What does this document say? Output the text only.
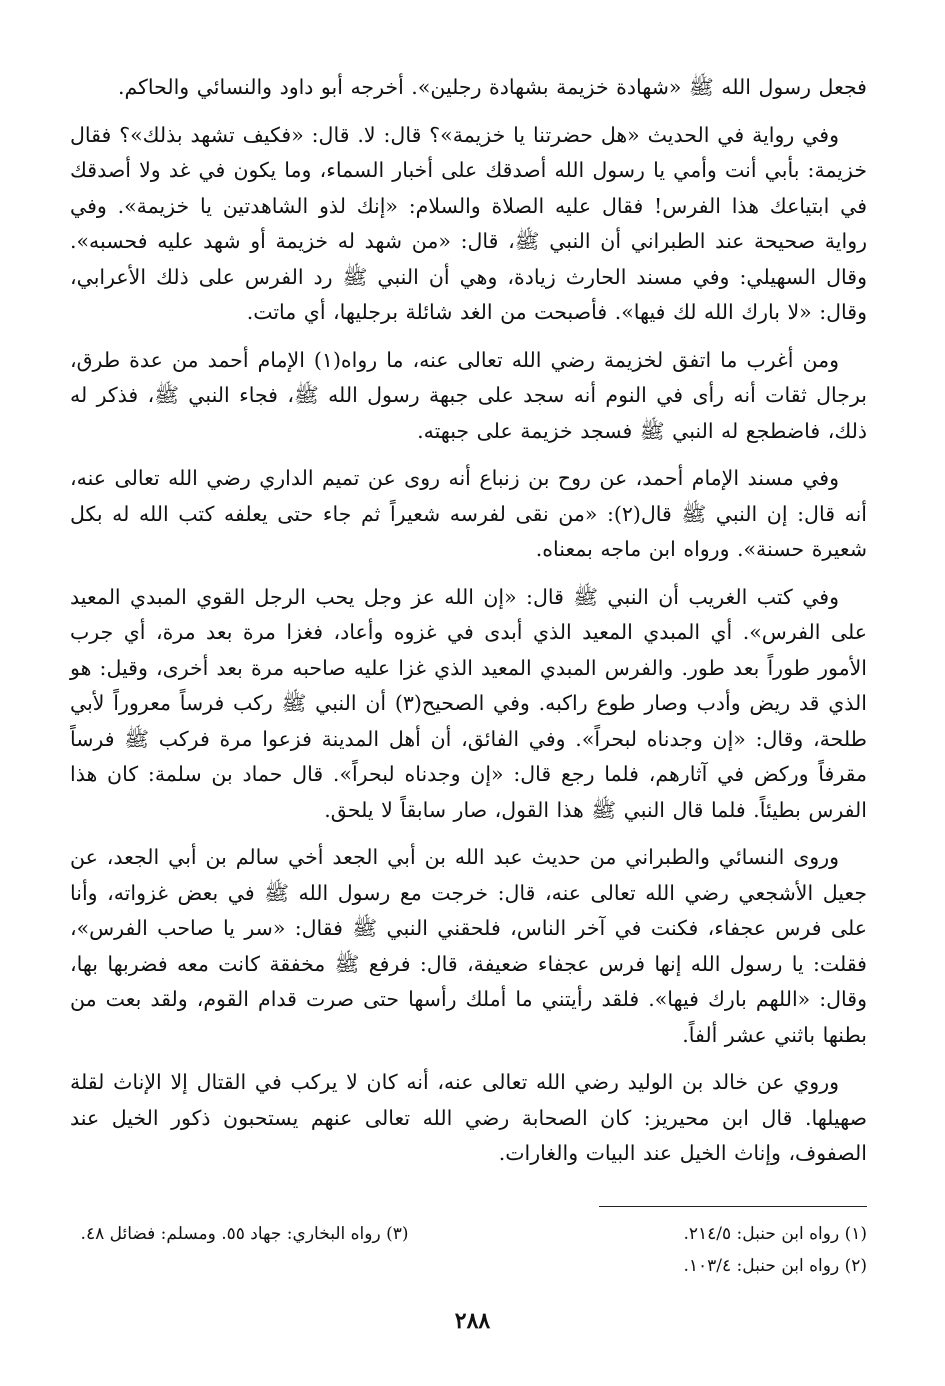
فجعل رسول الله ﷺ «شهادة خزيمة بشهادة رجلين». أخرجه أبو داود والنسائي والحاكم.

وفي رواية في الحديث «هل حضرتنا يا خزيمة»؟ قال: لا. قال: «فكيف تشهد بذلك»؟ فقال خزيمة: بأبي أنت وأمي يا رسول الله أصدقك على أخبار السماء، وما يكون في غد ولا أصدقك في ابتياعك هذا الفرس! فقال عليه الصلاة والسلام: «إنك لذو الشاهدتين يا خزيمة». وفي رواية صحيحة عند الطبراني أن النبي ﷺ، قال: «من شهد له خزيمة أو شهد عليه فحسبه». وقال السهيلي: وفي مسند الحارث زيادة، وهي أن النبي ﷺ رد الفرس على ذلك الأعرابي، وقال: «لا بارك الله لك فيها». فأصبحت من الغد شائلة برجليها، أي ماتت.

ومن أغرب ما اتفق لخزيمة رضي الله تعالى عنه، ما رواه(١) الإمام أحمد من عدة طرق، برجال ثقات أنه رأى في النوم أنه سجد على جبهة رسول الله ﷺ، فجاء النبي ﷺ، فذكر له ذلك، فاضطجع له النبي ﷺ فسجد خزيمة على جبهته.

وفي مسند الإمام أحمد، عن روح بن زنباع أنه روى عن تميم الداري رضي الله تعالى عنه، أنه قال: إن النبي ﷺ قال(٢): «من نقى لفرسه شعيراً ثم جاء حتى يعلفه كتب الله له بكل شعيرة حسنة». ورواه ابن ماجه بمعناه.

وفي كتب الغريب أن النبي ﷺ قال: «إن الله عز وجل يحب الرجل القوي المبدي المعيد على الفرس». أي المبدي المعيد الذي أبدى في غزوه وأعاد، فغزا مرة بعد مرة، أي جرب الأمور طوراً بعد طور. والفرس المبدي المعيد الذي غزا عليه صاحبه مرة بعد أخرى، وقيل: هو الذي قد ريض وأدب وصار طوع راكبه. وفي الصحيح(٣) أن النبي ﷺ ركب فرساً معروراً لأبي طلحة، وقال: «إن وجدناه لبحراً». وفي الفائق، أن أهل المدينة فزعوا مرة فركب ﷺ فرساً مقرفاً وركض في آثارهم، فلما رجع قال: «إن وجدناه لبحراً». قال حماد بن سلمة: كان هذا الفرس بطيئاً. فلما قال النبي ﷺ هذا القول، صار سابقاً لا يلحق.

وروى النسائي والطبراني من حديث عبد الله بن أبي الجعد أخي سالم بن أبي الجعد، عن جعيل الأشجعي رضي الله تعالى عنه، قال: خرجت مع رسول الله ﷺ في بعض غزواته، وأنا على فرس عجفاء، فكنت في آخر الناس، فلحقني النبي ﷺ فقال: «سر يا صاحب الفرس»، فقلت: يا رسول الله إنها فرس عجفاء ضعيفة، قال: فرفع ﷺ مخفقة كانت معه فضربها بها، وقال: «اللهم بارك فيها». فلقد رأيتني ما أملك رأسها حتى صرت قدام القوم، ولقد بعت من بطنها باثني عشر ألفاً.

وروي عن خالد بن الوليد رضي الله تعالى عنه، أنه كان لا يركب في القتال إلا الإناث لقلة صهيلها. قال ابن محيريز: كان الصحابة رضي الله تعالى عنهم يستحبون ذكور الخيل عند الصفوف، وإناث الخيل عند البيات والغارات.

(١) رواه ابن حنبل: ٢١٤/٥.
(٣) رواه البخاري: جهاد ٥٥. ومسلم: فضائل ٤٨.
(٢) رواه ابن حنبل: ١٠٣/٤.
٢٨٨
